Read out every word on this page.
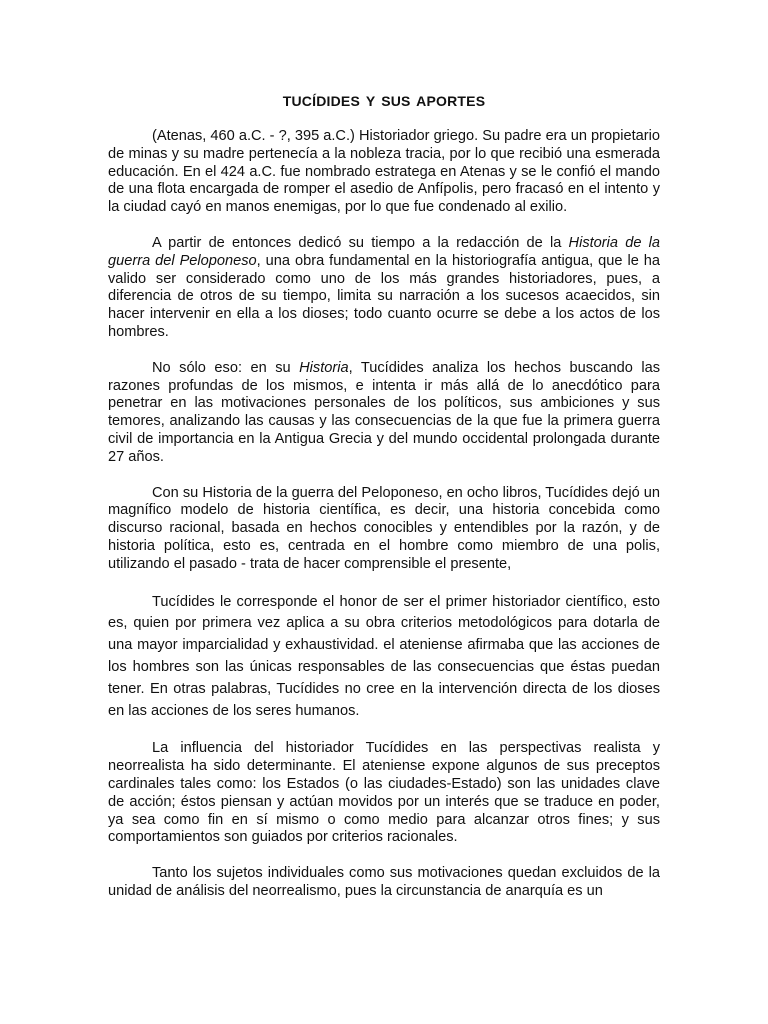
TUCÍDIDES Y SUS APORTES

(Atenas, 460 a.C. - ?, 395 a.C.) Historiador griego. Su padre era un propietario de minas y su madre pertenecía a la nobleza tracia, por lo que recibió una esmerada educación. En el 424 a.C. fue nombrado estratega en Atenas y se le confió el mando de una flota encargada de romper el asedio de Anfípolis, pero fracasó en el intento y la ciudad cayó en manos enemigas, por lo que fue condenado al exilio.

A partir de entonces dedicó su tiempo a la redacción de la Historia de la guerra del Peloponeso, una obra fundamental en la historiografía antigua, que le ha valido ser considerado como uno de los más grandes historiadores, pues, a diferencia de otros de su tiempo, limita su narración a los sucesos acaecidos, sin hacer intervenir en ella a los dioses; todo cuanto ocurre se debe a los actos de los hombres.

No sólo eso: en su Historia, Tucídides analiza los hechos buscando las razones profundas de los mismos, e intenta ir más allá de lo anecdótico para penetrar en las motivaciones personales de los políticos, sus ambiciones y sus temores, analizando las causas y las consecuencias de la que fue la primera guerra civil de importancia en la Antigua Grecia y del mundo occidental prolongada durante 27 años.

Con su Historia de la guerra del Peloponeso, en ocho libros, Tucídides dejó un magnífico modelo de historia científica, es decir, una historia concebida como discurso racional, basada en hechos conocibles y entendibles por la razón, y de historia política, esto es, centrada en el hombre como miembro de una polis, utilizando el pasado - trata de hacer comprensible el presente,

Tucídides le corresponde el honor de ser el primer historiador científico, esto es, quien por primera vez aplica a su obra criterios metodológicos para dotarla de una mayor imparcialidad y exhaustividad. el ateniense afirmaba que las acciones de los hombres son las únicas responsables de las consecuencias que éstas puedan tener. En otras palabras, Tucídides no cree en la intervención directa de los dioses en las acciones de los seres humanos.

La influencia del historiador Tucídides en las perspectivas realista y neorrealista ha sido determinante. El ateniense expone algunos de sus preceptos cardinales tales como: los Estados (o las ciudades-Estado) son las unidades clave de acción; éstos piensan y actúan movidos por un interés que se traduce en poder, ya sea como fin en sí mismo o como medio para alcanzar otros fines; y sus comportamientos son guiados por criterios racionales.

Tanto los sujetos individuales como sus motivaciones quedan excluidos de la unidad de análisis del neorrealismo, pues la circunstancia de anarquía es un
